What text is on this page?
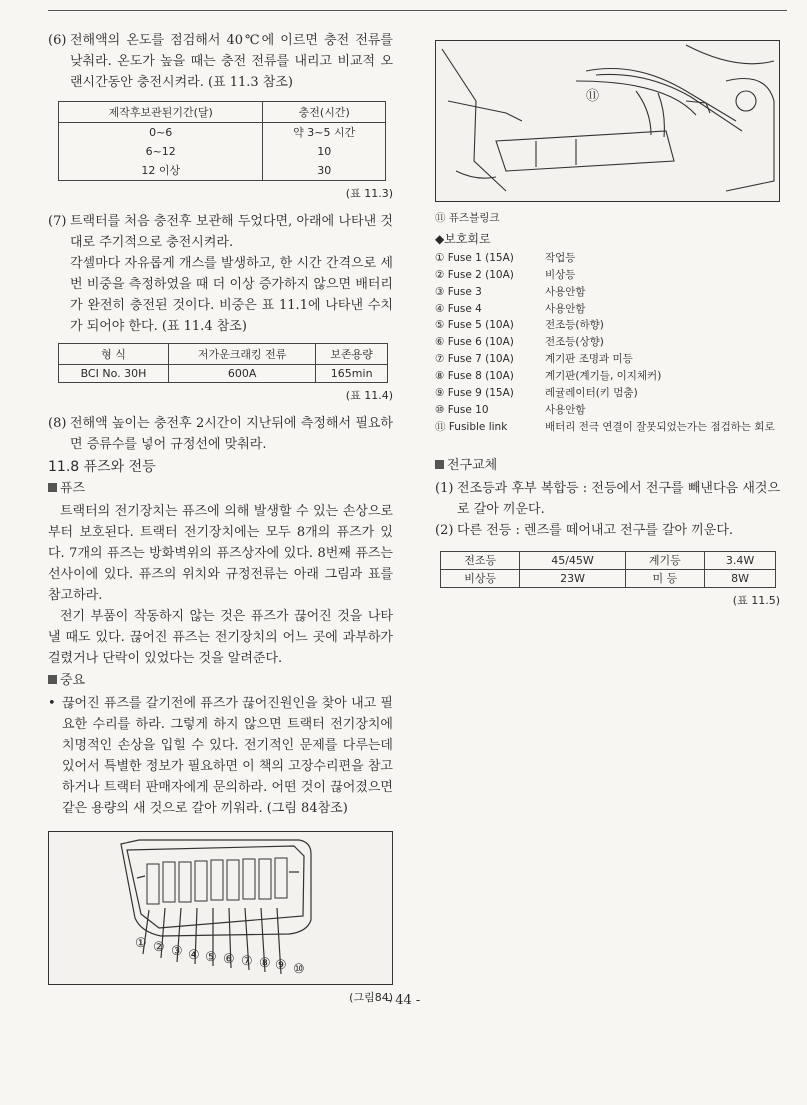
(6) 전해액의 온도를 점검해서 40℃에 이르면 충전 전류를 낮춰라. 온도가 높을 때는 충전 전류를 내리고 비교적 오랜시간동안 충전시켜라. (표 11.3 참조)
제작후보관된기간(달)	충전(시간)
0~6	약 3~5 시간
6~12	10
12 이상	30
(표 11.3)
(7) 트랙터를 처음 충전후 보관해 두었다면, 아래에 나타낸 것대로 주기적으로 충전시켜라.
각셀마다 자유롭게 개스를 발생하고, 한 시간 간격으로 세 번 비중을 측정하였을 때 더 이상 증가하지 않으면 배터리가 완전히 충전된 것이다. 비중은 표 11.1에 나타낸 수치가 되어야 한다. (표 11.4 참조)
형 식	저가운크래킹 전류	보존용량
BCI No. 30H	600A	165min
(표 11.4)
(8) 전해액 높이는 충전후 2시간이 지난뒤에 측정해서 필요하면 증류수를 넣어 규정선에 맞춰라.
11.8 퓨즈와 전등
퓨즈

트랙터의 전기장치는 퓨즈에 의해 발생할 수 있는 손상으로 부터 보호된다. 트랙터 전기장치에는 모두 8개의 퓨즈가 있다. 7개의 퓨즈는 방화벽위의 퓨즈상자에 있다. 8번째 퓨즈는 선사이에 있다. 퓨즈의 위치와 규정전류는 아래 그림과 표를 참고하라.

전기 부품이 작동하지 않는 것은 퓨즈가 끊어진 것을 나타낼 때도 있다. 끊어진 퓨즈는 전기장치의 어느 곳에 과부하가 걸렸거나 단락이 있었다는 것을 알려준다.

중요
• 끊어진 퓨즈를 갈기전에 퓨즈가 끊어진원인을 찾아 내고 필요한 수리를 하라. 그렇게 하지 않으면 트랙터 전기장치에 치명적인 손상을 입힐 수 있다. 전기적인 문제를 다루는데 있어서 특별한 정보가 필요하면 이 책의 고장수리편을 참고하거나 트랙터 판매자에게 문의하라. 어떤 것이 끊어졌으면 같은 용량의 새 것으로 갈아 끼워라. (그림 84참조)
① ② ③ ④ ⑤ ⑥ ⑦ ⑧ ⑨ ⑩
(그림84)
⑪
⑪ 퓨즈블링크
◆보호회로
① Fuse 1 (15A)	작업등
② Fuse 2 (10A)	비상등
③ Fuse 3	사용안함
④ Fuse 4	사용안함
⑤ Fuse 5 (10A)	전조등(하향)
⑥ Fuse 6 (10A)	전조등(상향)
⑦ Fuse 7 (10A)	계기판 조명과 미등
⑧ Fuse 8 (10A)	계기판(계기들, 이지체커)
⑨ Fuse 9 (15A)	레귤레이터(키 멈춤)
⑩ Fuse 10	사용안함
⑪ Fusible link	배터리 전극 연결이 잘못되었는가는 점검하는 회로
전구교체
(1) 전조등과 후부 복합등 : 전등에서 전구를 빼낸다음 새것으로 갈아 끼운다.
(2) 다른 전등 : 렌즈를 떼어내고 전구를 갈아 끼운다.
전조등	45/45W	계기등	3.4W
비상등	23W	미 등	8W
(표 11.5)
- 44 -
